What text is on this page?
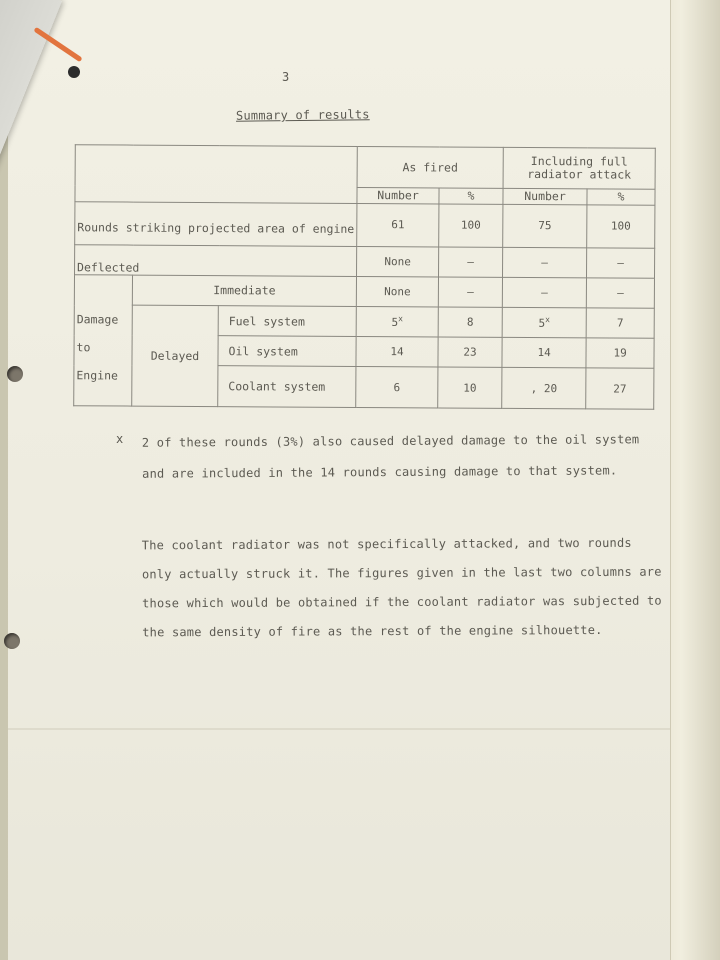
3
Summary of results
			As fired		Including full radiator attack	
			Number	%	Number	%
Rounds striking projected area of engine			61	100	75	100
Deflected			None	–	–	–

Damage
to
Engine	Immediate		None	–	–	–
	Delayed	Fuel system	5$^x$	8	5$^x$	7
		Oil system	14	23	14	19
		Coolant system	6	10	, 20	27
x 2 of these rounds (3%) also caused delayed damage to the oil system and are included in the 14 rounds causing damage to that system.
The coolant radiator was not specifically attacked, and two rounds only actually struck it. The figures given in the last two columns are those which would be obtained if the coolant radiator was subjected to the same density of fire as the rest of the engine silhouette.
